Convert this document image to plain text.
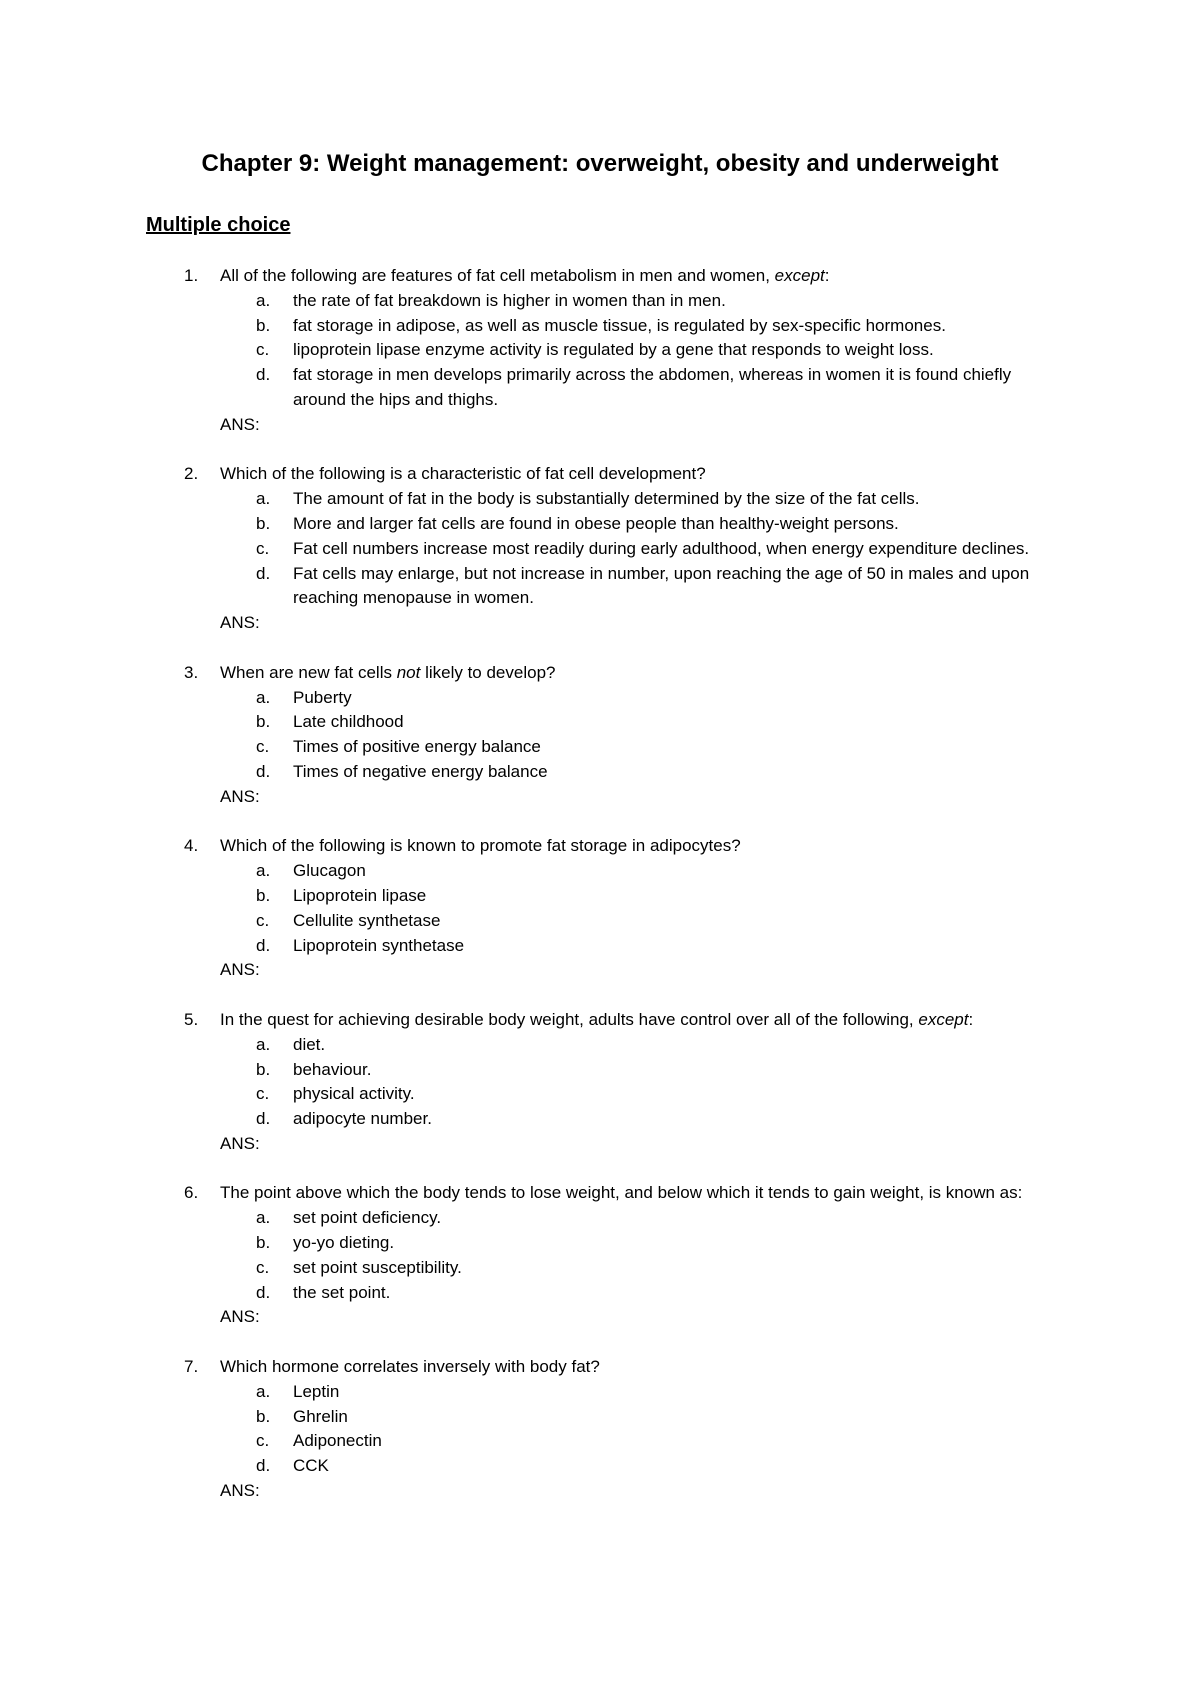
Chapter 9: Weight management: overweight, obesity and underweight
Multiple choice
1. All of the following are features of fat cell metabolism in men and women, except:
a. the rate of fat breakdown is higher in women than in men.
b. fat storage in adipose, as well as muscle tissue, is regulated by sex-specific hormones.
c. lipoprotein lipase enzyme activity is regulated by a gene that responds to weight loss.
d. fat storage in men develops primarily across the abdomen, whereas in women it is found chiefly around the hips and thighs.
ANS:
2. Which of the following is a characteristic of fat cell development?
a. The amount of fat in the body is substantially determined by the size of the fat cells.
b. More and larger fat cells are found in obese people than healthy-weight persons.
c. Fat cell numbers increase most readily during early adulthood, when energy expenditure declines.
d. Fat cells may enlarge, but not increase in number, upon reaching the age of 50 in males and upon reaching menopause in women.
ANS:
3. When are new fat cells not likely to develop?
a. Puberty
b. Late childhood
c. Times of positive energy balance
d. Times of negative energy balance
ANS:
4. Which of the following is known to promote fat storage in adipocytes?
a. Glucagon
b. Lipoprotein lipase
c. Cellulite synthetase
d. Lipoprotein synthetase
ANS:
5. In the quest for achieving desirable body weight, adults have control over all of the following, except:
a. diet.
b. behaviour.
c. physical activity.
d. adipocyte number.
ANS:
6. The point above which the body tends to lose weight, and below which it tends to gain weight, is known as:
a. set point deficiency.
b. yo-yo dieting.
c. set point susceptibility.
d. the set point.
ANS:
7. Which hormone correlates inversely with body fat?
a. Leptin
b. Ghrelin
c. Adiponectin
d. CCK
ANS:
